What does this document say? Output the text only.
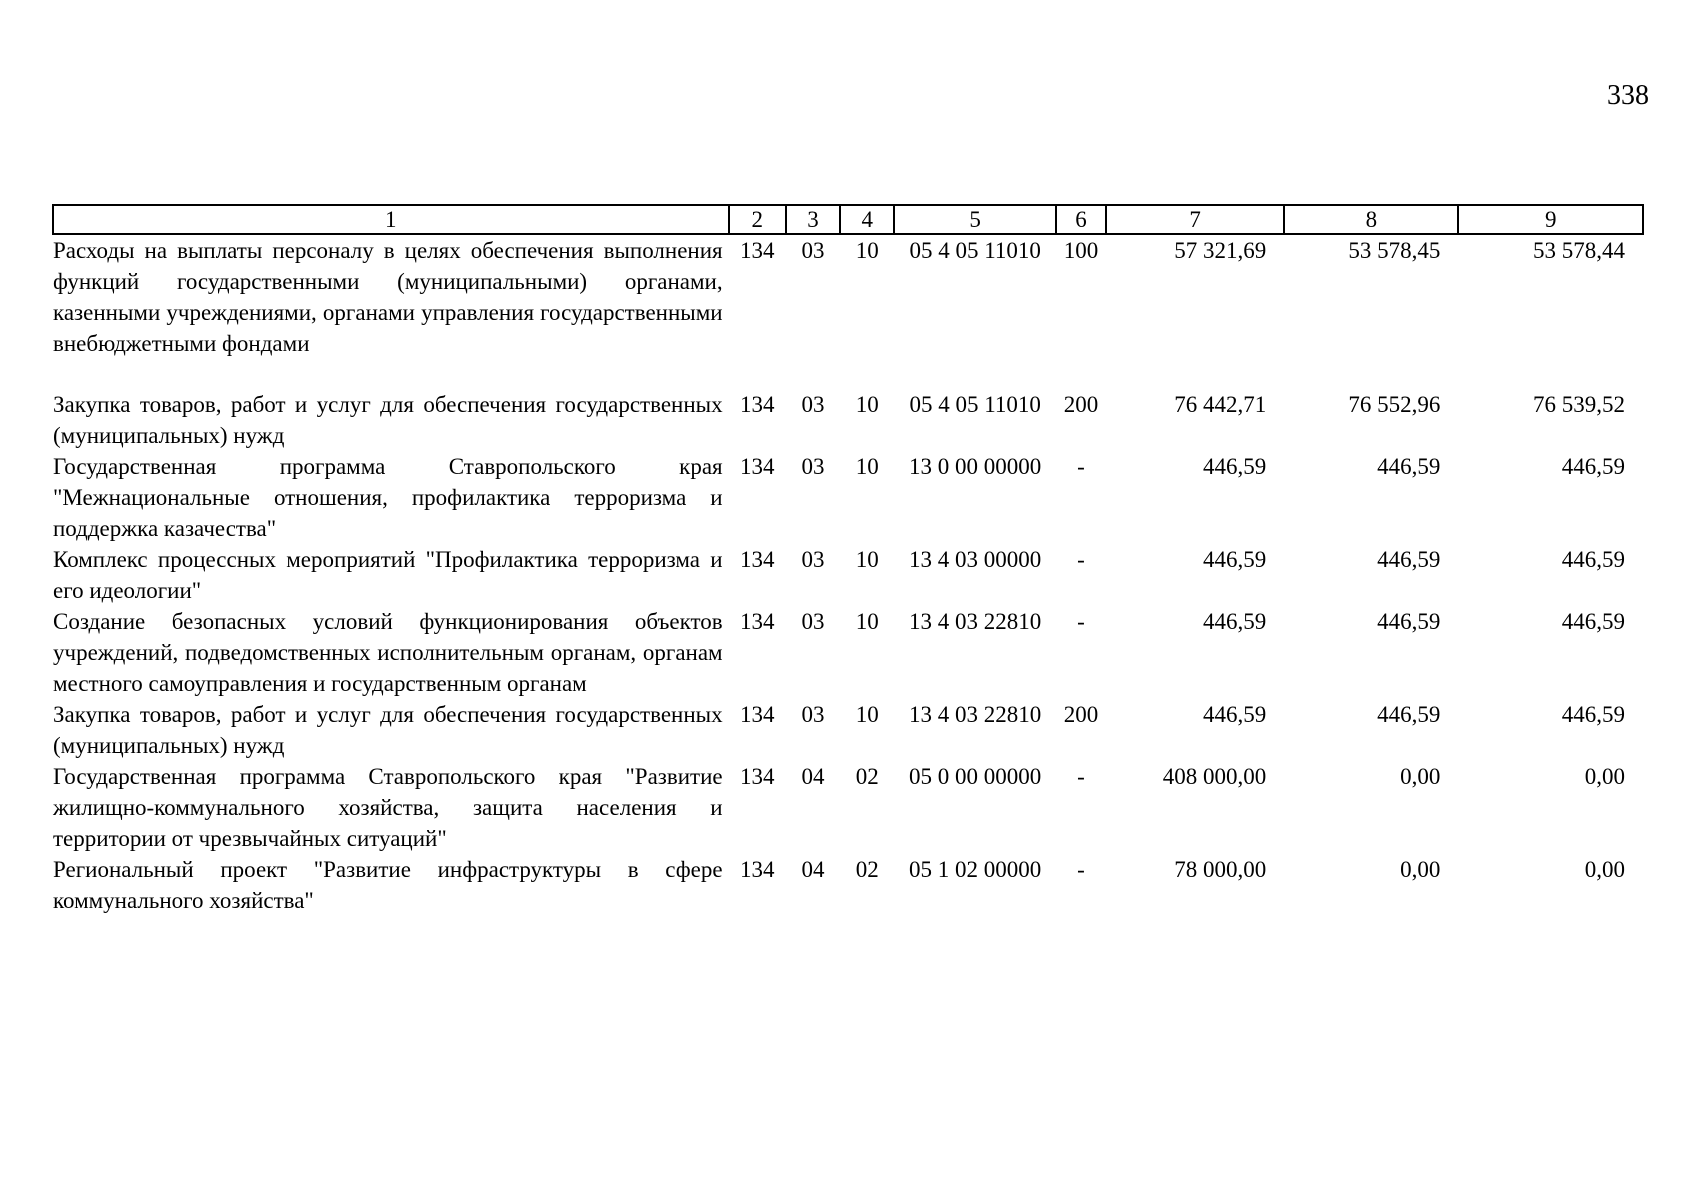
338
1	2	3	4	5	6	7	8	9
Расходы на выплаты персоналу в целях обеспечения выполнения функций государственными (муниципальными) органами, казенными учреждениями, органами управления государственными внебюджетными фондами	134	03	10	05 4 05 11010	100	57 321,69	53 578,45	53 578,44

Закупка товаров, работ и услуг для обеспечения государственных (муниципальных) нужд	134	03	10	05 4 05 11010	200	76 442,71	76 552,96	76 539,52
Государственная программа Ставропольского края "Межнациональные отношения, профилактика терроризма и поддержка казачества"	134	03	10	13 0 00 00000	-	446,59	446,59	446,59
Комплекс процессных мероприятий "Профилактика терроризма и его идеологии"	134	03	10	13 4 03 00000	-	446,59	446,59	446,59
Создание безопасных условий функционирования объектов учреждений, подведомственных исполнительным органам, органам местного самоуправления и государственным органам	134	03	10	13 4 03 22810	-	446,59	446,59	446,59
Закупка товаров, работ и услуг для обеспечения государственных (муниципальных) нужд	134	03	10	13 4 03 22810	200	446,59	446,59	446,59
Государственная программа Ставропольского края "Развитие жилищно-коммунального хозяйства, защита населения и территории от чрезвычайных ситуаций"	134	04	02	05 0 00 00000	-	408 000,00	0,00	0,00
Региональный проект "Развитие инфраструктуры в сфере коммунального хозяйства"	134	04	02	05 1 02 00000	-	78 000,00	0,00	0,00
